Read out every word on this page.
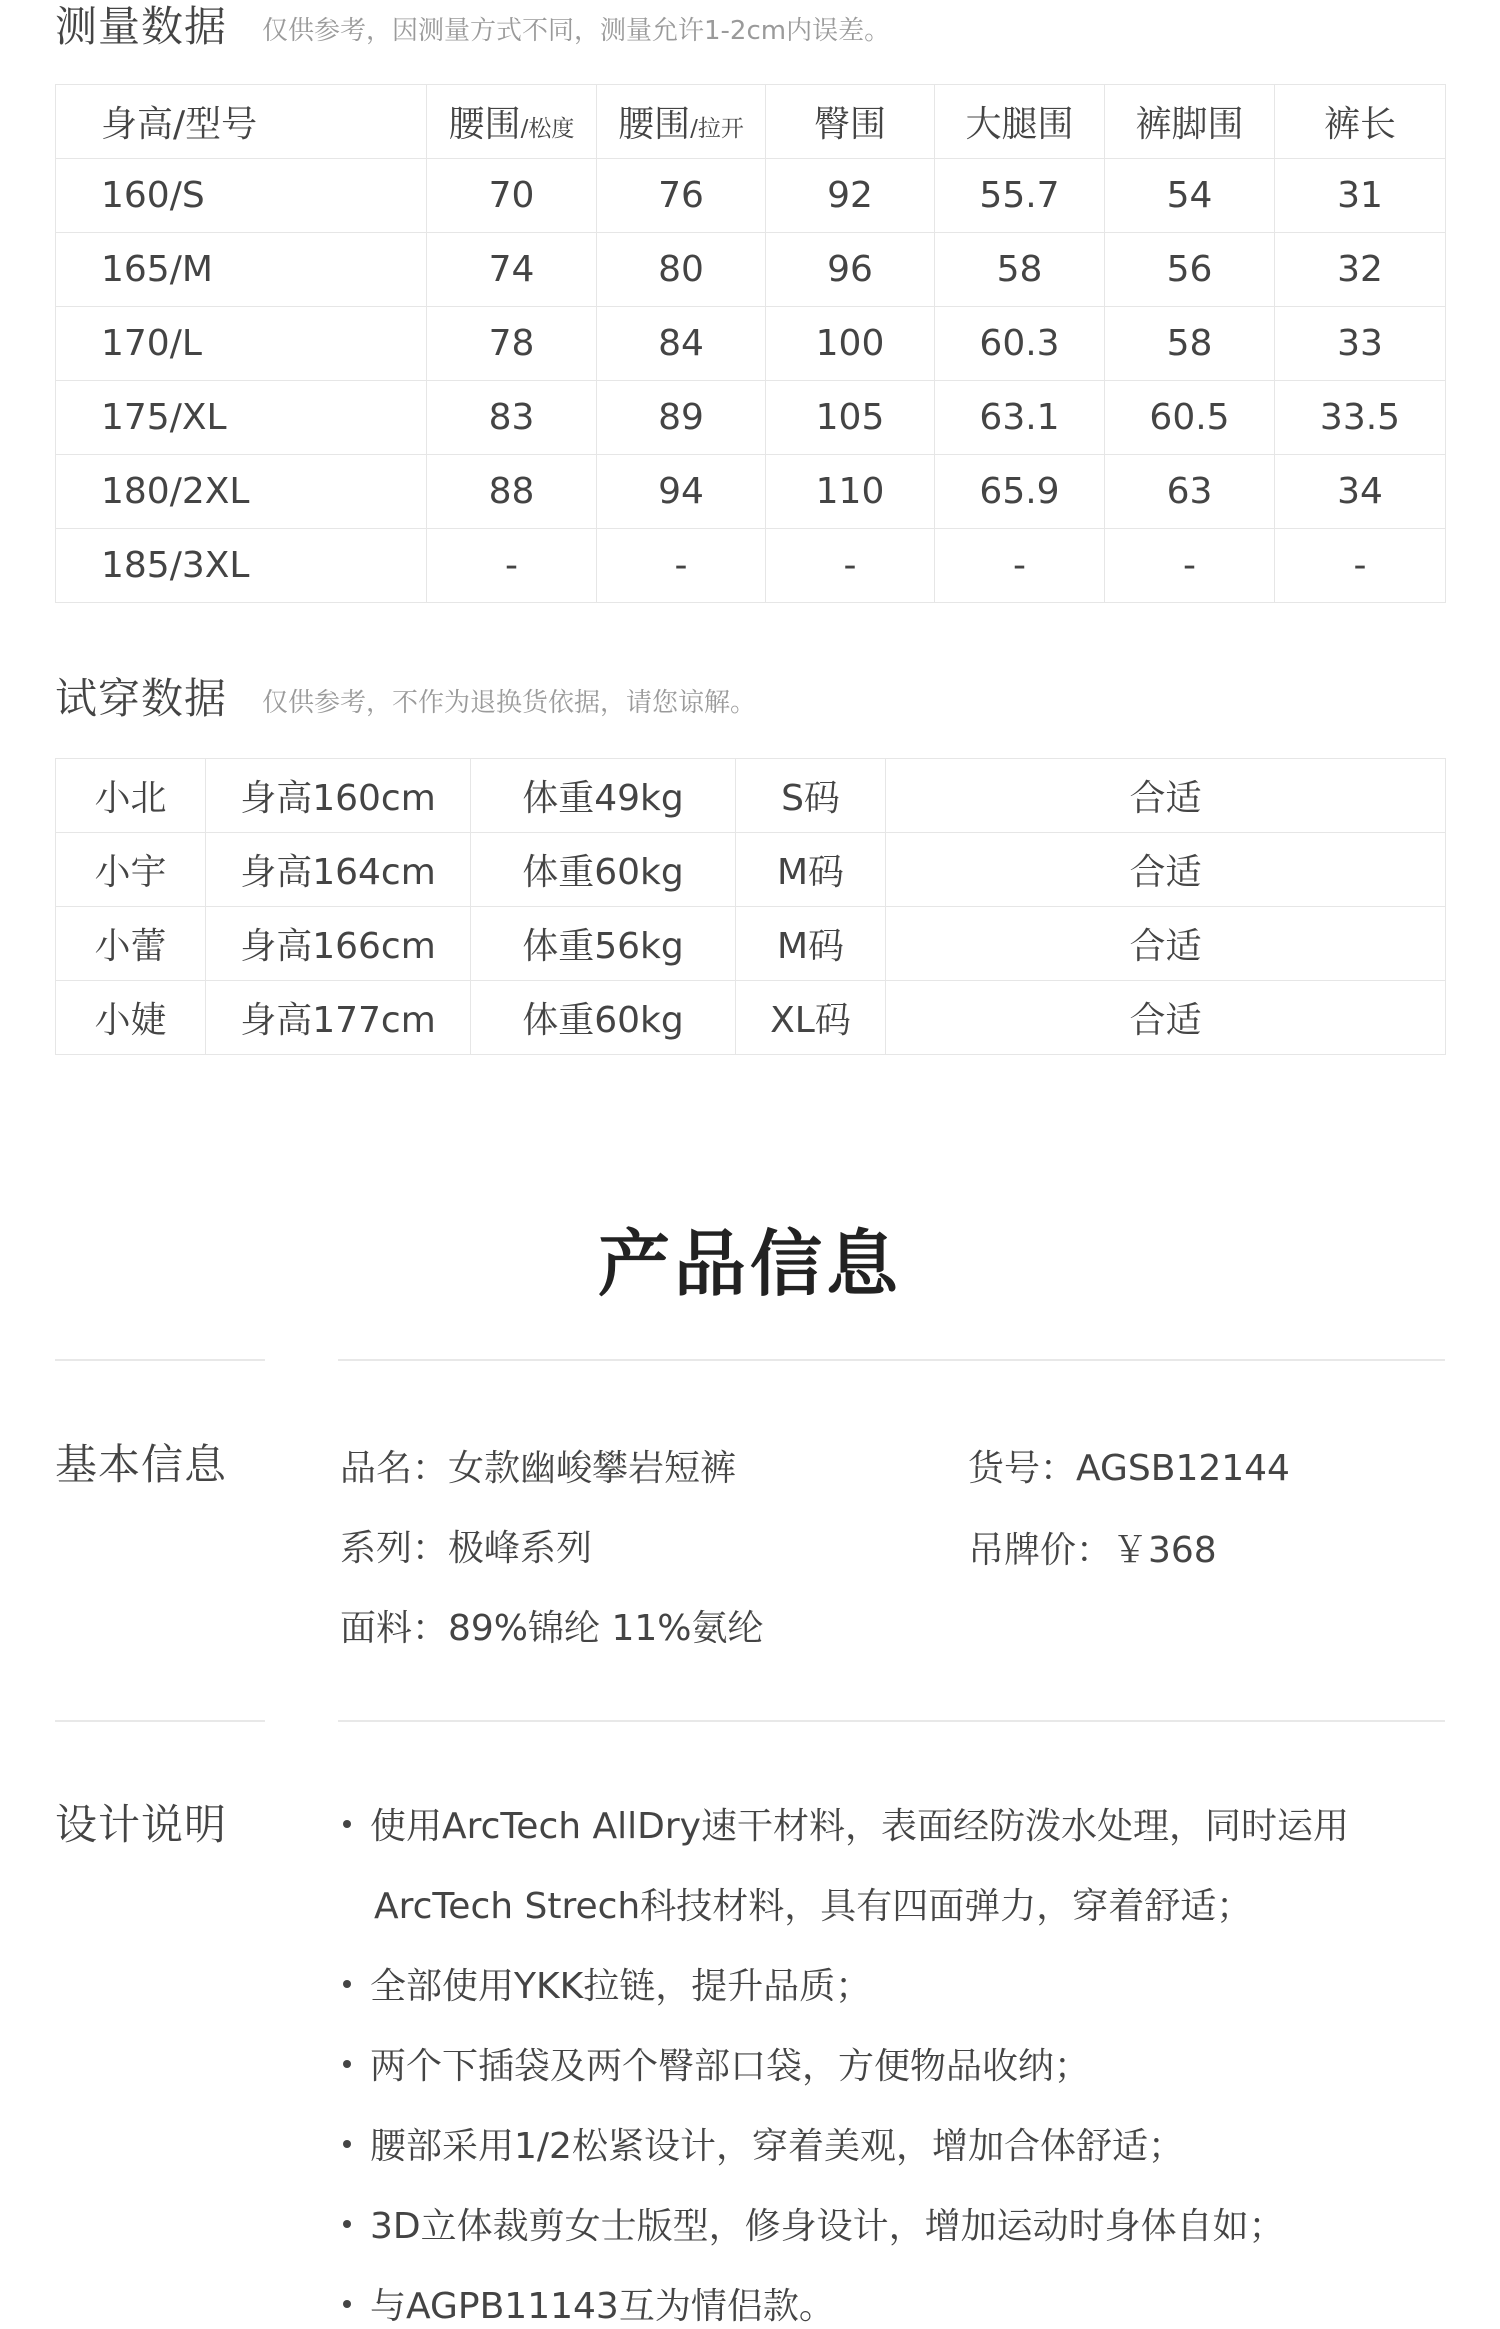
测量数据 仅供参考，因测量方式不同，测量允许1-2cm内误差。
身高/型号	腰围/松度	腰围/拉开	臀围	大腿围	裤脚围	裤长
160/S	70	76	92	55.7	54	31
165/M	74	80	96	58	56	32
170/L	78	84	100	60.3	58	33
175/XL	83	89	105	63.1	60.5	33.5
180/2XL	88	94	110	65.9	63	34
185/3XL	-	-	-	-	-	-
试穿数据 仅供参考，不作为退换货依据，请您谅解。
小北	身高160cm	体重49kg	S码	合适
小宇	身高164cm	体重60kg	M码	合适
小蕾	身高166cm	体重56kg	M码	合适
小婕	身高177cm	体重60kg	XL码	合适
产品信息
基本信息	品名：女款幽峻攀岩短裤
系列：极峰系列
面料：89%锦纶 11%氨纶
货号：AGSB12144
吊牌价：￥368
设计说明	使用ArcTech AllDry速干材料，表面经防泼水处理，同时运用
ArcTech Strech科技材料，具有四面弹力，穿着舒适；
全部使用YKK拉链，提升品质；
两个下插袋及两个臀部口袋，方便物品收纳；
腰部采用1/2松紧设计，穿着美观，增加合体舒适；
3D立体裁剪女士版型，修身设计，增加运动时身体自如；
与AGPB11143互为情侣款。
